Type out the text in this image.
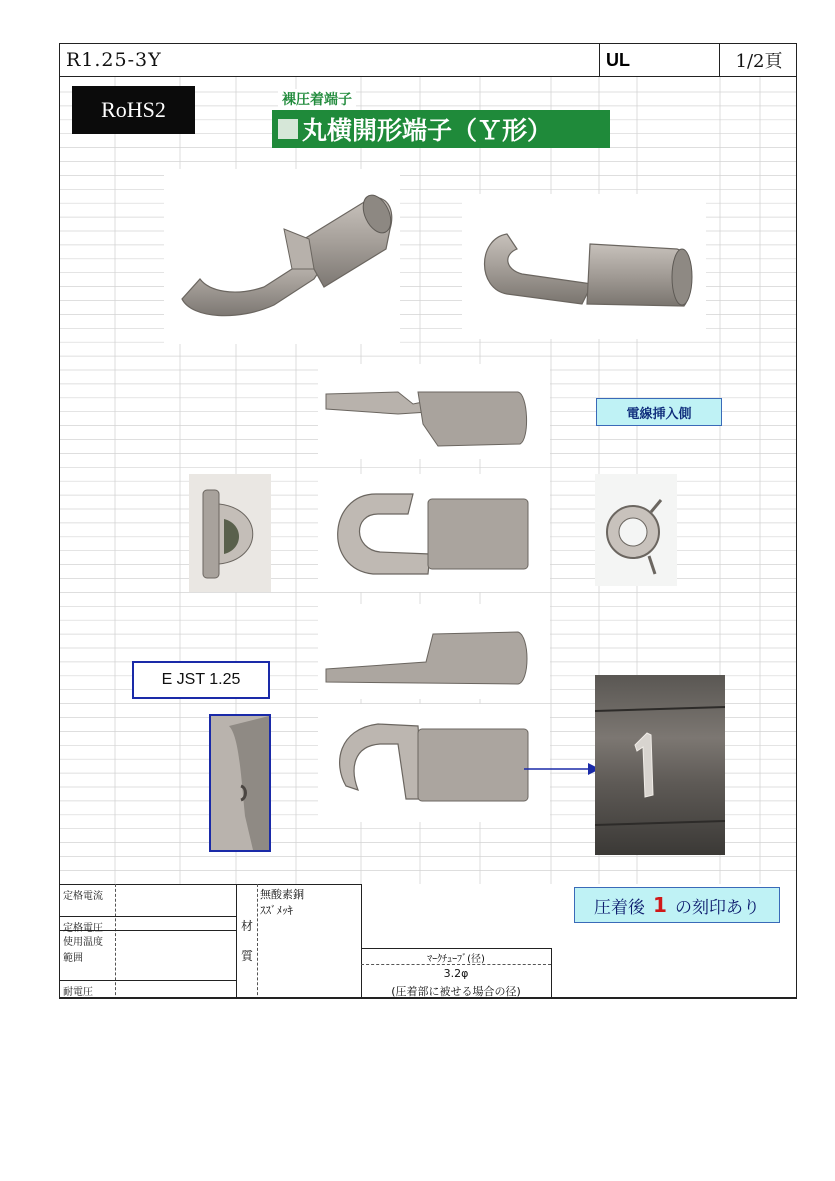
R1.25-3Y	UL	1/2頁
RoHS2	裸圧着端子
丸横開形端子（Ｙ形）
電線挿入側
E JST 1.25
圧着後 1 の刻印あり
定格電流
定格電圧
使用温度
範囲
耐電圧
材
質
無酸素銅
ｽｽﾞﾒｯｷ
ﾏｰｸﾁｭｰﾌﾞ(径)
3.2φ
(圧着部に被せる場合の径)
